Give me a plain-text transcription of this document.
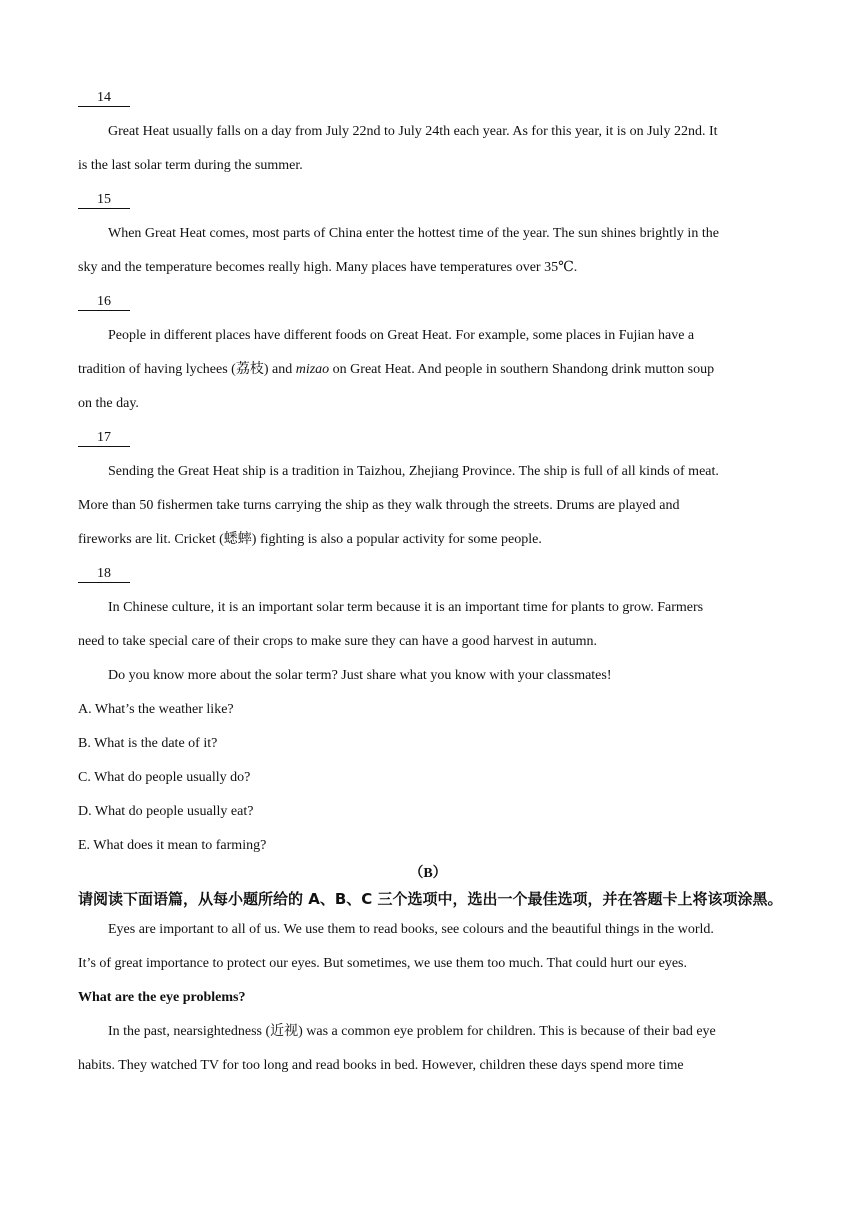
14
Great Heat usually falls on a day from July 22nd to July 24th each year. As for this year, it is on July 22nd. It
is the last solar term during the summer.
15
When Great Heat comes, most parts of China enter the hottest time of the year. The sun shines brightly in the
sky and the temperature becomes really high. Many places have temperatures over 35℃.
16
People in different places have different foods on Great Heat. For example, some places in Fujian have a
tradition of having lychees (荔枝) and mizao on Great Heat. And people in southern Shandong drink mutton soup
on the day.
17
Sending the Great Heat ship is a tradition in Taizhou, Zhejiang Province. The ship is full of all kinds of meat.
More than 50 fishermen take turns carrying the ship as they walk through the streets. Drums are played and
fireworks are lit. Cricket (蟋蟀) fighting is also a popular activity for some people.
18
In Chinese culture, it is an important solar term because it is an important time for plants to grow. Farmers
need to take special care of their crops to make sure they can have a good harvest in autumn.
Do you know more about the solar term? Just share what you know with your classmates!
A. What’s the weather like?
B. What is the date of it?
C. What do people usually do?
D. What do people usually eat?
E. What does it mean to farming?
（B）
请阅读下面语篇，从每小题所给的 A、B、C 三个选项中，选出一个最佳选项，并在答题卡上将该项涂黑。
Eyes are important to all of us. We use them to read books, see colours and the beautiful things in the world.
It’s of great importance to protect our eyes. But sometimes, we use them too much. That could hurt our eyes.
What are the eye problems?
In the past, nearsightedness (近视) was a common eye problem for children. This is because of their bad eye
habits. They watched TV for too long and read books in bed. However, children these days spend more time
